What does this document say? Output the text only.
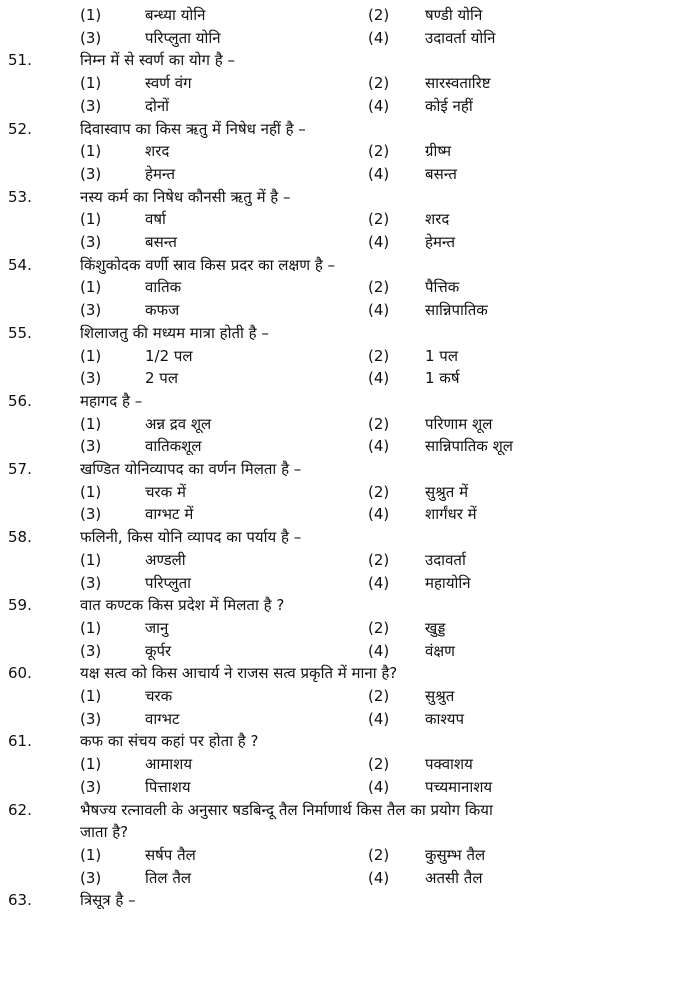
(1)	बन्ध्या योनि	(2) षण्डी योनि
(3)	परिप्लुता योनि	(4) उदावर्ता योनि
51.	निम्न में से स्वर्ण का योग है –
(1)	स्वर्ण वंग	(2) सारस्वतारिष्ट
(3)	दोनों	(4) कोई नहीं
52.	दिवास्वाप का किस ऋतु में निषेध नहीं है –
(1)	शरद	(2) ग्रीष्म
(3)	हेमन्त	(4) बसन्त
53.	नस्य कर्म का निषेध कौनसी ऋतु में है –
(1)	वर्षा	(2) शरद
(3)	बसन्त	(4) हेमन्त
54.	किंशुकोदक वर्णी स्राव किस प्रदर का लक्षण है –
(1)	वातिक	(2) पैत्तिक
(3)	कफज	(4) सान्निपातिक
55.	शिलाजतु की मध्यम मात्रा होती है –
(1)	1/2 पल	(2) 1 पल
(3)	2 पल	(4) 1 कर्ष
56.	महागद है –
(1)	अन्न द्रव शूल	(2) परिणाम शूल
(3)	वातिकशूल	(4) सान्निपातिक शूल
57.	खण्डित योनिव्यापद का वर्णन मिलता है –
(1)	चरक में	(2) सुश्रुत में
(3)	वाग्भट में	(4) शार्गंधर में
58.	फलिनी, किस योनि व्यापद का पर्याय है –
(1)	अण्डली	(2) उदावर्ता
(3)	परिप्लुता	(4) महायोनि
59.	वात कण्टक किस प्रदेश में मिलता है ?
(1)	जानु	(2) खुड्ड
(3)	कूर्पर	(4) वंक्षण
60.	यक्ष सत्व को किस आचार्य ने राजस सत्व प्रकृति में माना है?
(1)	चरक	(2) सुश्रुत
(3)	वाग्भट	(4) काश्यप
61.	कफ का संचय कहां पर होता है ?
(1)	आमाशय	(2) पक्वाशय
(3)	पित्ताशय	(4) पच्यमानाशय
62.	भैषज्य रत्नावली के अनुसार षडबिन्दू तैल निर्माणार्थ किस तैल का प्रयोग किया
जाता है?
(1)	सर्षप तैल	(2) कुसुम्भ तैल
(3)	तिल तैल	(4) अतसी तैल
63.	त्रिसूत्र है –
